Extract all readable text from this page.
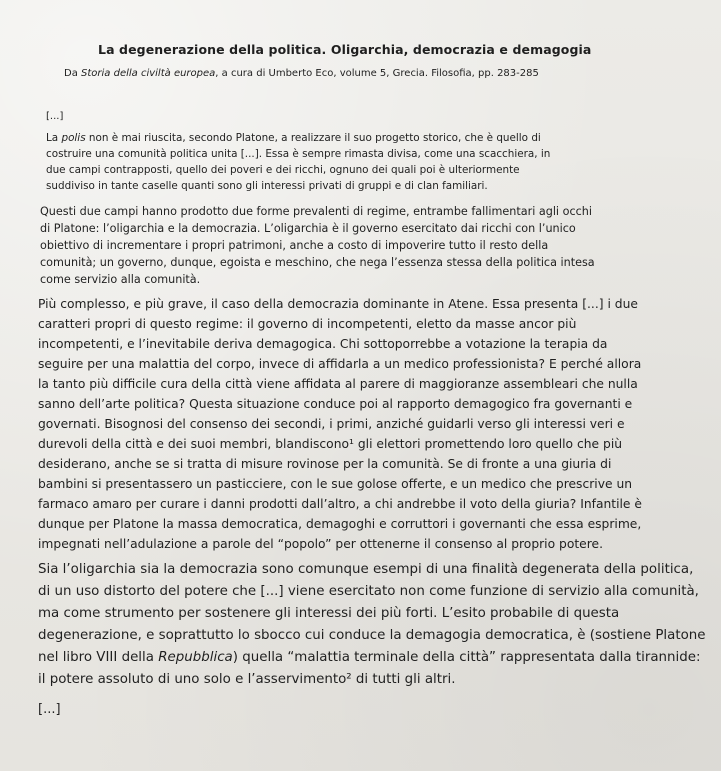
La degenerazione della politica. Oligarchia, democrazia e demagogia
Da Storia della civiltà europea, a cura di Umberto Eco, volume 5, Grecia. Filosofia, pp. 283-285
[...]
La polis non è mai riuscita, secondo Platone, a realizzare il suo progetto storico, che è quello di
costruire una comunità politica unita [...]. Essa è sempre rimasta divisa, come una scacchiera, in
due campi contrapposti, quello dei poveri e dei ricchi, ognuno dei quali poi è ulteriormente
suddiviso in tante caselle quanti sono gli interessi privati di gruppi e di clan familiari.
Questi due campi hanno prodotto due forme prevalenti di regime, entrambe fallimentari agli occhi
di Platone: l’oligarchia e la democrazia. L’oligarchia è il governo esercitato dai ricchi con l’unico
obiettivo di incrementare i propri patrimoni, anche a costo di impoverire tutto il resto della
comunità; un governo, dunque, egoista e meschino, che nega l’essenza stessa della politica intesa
come servizio alla comunità.
Più complesso, e più grave, il caso della democrazia dominante in Atene. Essa presenta [...] i due
caratteri propri di questo regime: il governo di incompetenti, eletto da masse ancor più
incompetenti, e l’inevitabile deriva demagogica. Chi sottoporrebbe a votazione la terapia da
seguire per una malattia del corpo, invece di affidarla a un medico professionista? E perché allora
la tanto più difficile cura della città viene affidata al parere di maggioranze assembleari che nulla
sanno dell’arte politica? Questa situazione conduce poi al rapporto demagogico fra governanti e
governati. Bisognosi del consenso dei secondi, i primi, anziché guidarli verso gli interessi veri e
durevoli della città e dei suoi membri, blandiscono¹ gli elettori promettendo loro quello che più
desiderano, anche se si tratta di misure rovinose per la comunità. Se di fronte a una giuria di
bambini si presentassero un pasticciere, con le sue golose offerte, e un medico che prescrive un
farmaco amaro per curare i danni prodotti dall’altro, a chi andrebbe il voto della giuria? Infantile è
dunque per Platone la massa democratica, demagoghi e corruttori i governanti che essa esprime,
impegnati nell’adulazione a parole del “popolo” per ottenerne il consenso al proprio potere.
Sia l’oligarchia sia la democrazia sono comunque esempi di una finalità degenerata della politica,
di un uso distorto del potere che [...] viene esercitato non come funzione di servizio alla comunità,
ma come strumento per sostenere gli interessi dei più forti. L’esito probabile di questa
degenerazione, e soprattutto lo sbocco cui conduce la demagogia democratica, è (sostiene Platone
nel libro VIII della Repubblica) quella “malattia terminale della città” rappresentata dalla tirannide:
il potere assoluto di uno solo e l’asservimento² di tutti gli altri.
[...]
